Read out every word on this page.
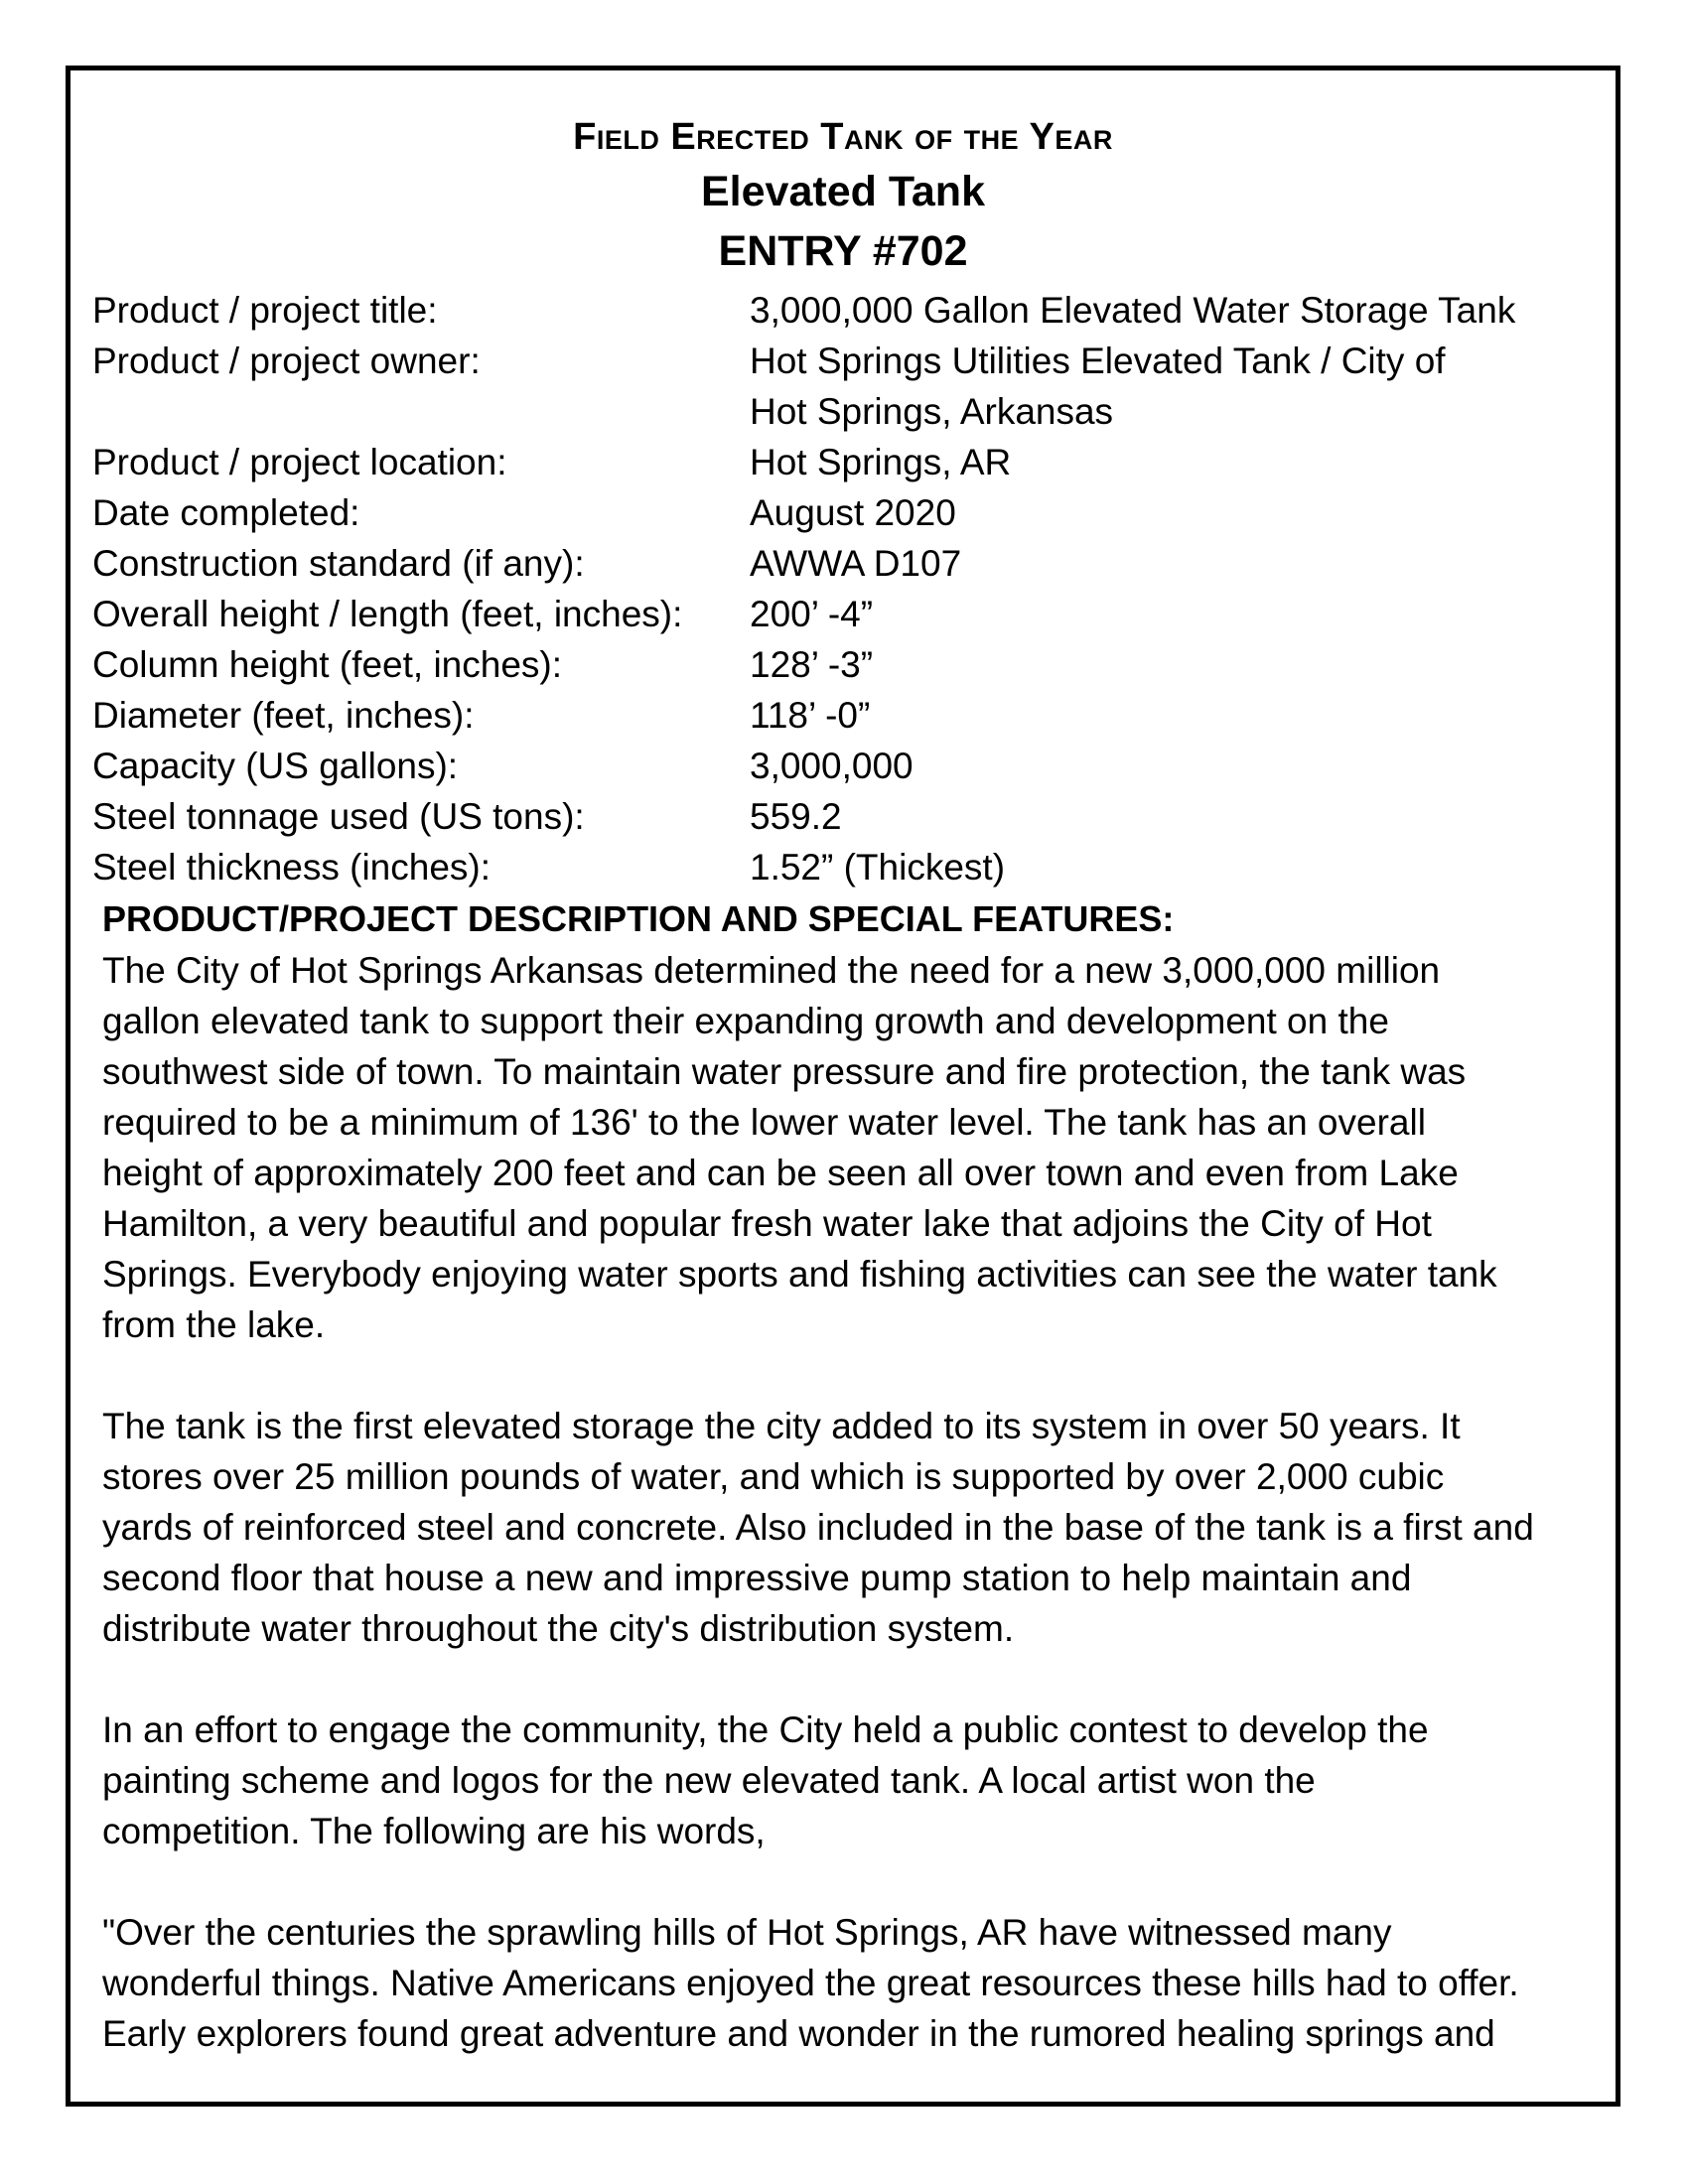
Field Erected Tank of the Year
Elevated Tank
ENTRY #702
Product / project title:	3,000,000 Gallon Elevated Water Storage Tank
Product / project owner:	Hot Springs Utilities Elevated Tank / City of
Hot Springs, Arkansas
Product / project location:	Hot Springs, AR
Date completed:	August 2020
Construction standard (if any):	AWWA D107
Overall height / length (feet, inches):	200’ -4”
Column height (feet, inches):	128’ -3”
Diameter (feet, inches):	118’ -0”
Capacity (US gallons):	3,000,000
Steel tonnage used (US tons):	559.2
Steel thickness (inches):	1.52” (Thickest)
PRODUCT/PROJECT DESCRIPTION AND SPECIAL FEATURES:

The City of Hot Springs Arkansas determined the need for a new 3,000,000 million
gallon elevated tank to support their expanding growth and development on the
southwest side of town. To maintain water pressure and fire protection, the tank was
required to be a minimum of 136' to the lower water level. The tank has an overall
height of approximately 200 feet and can be seen all over town and even from Lake
Hamilton, a very beautiful and popular fresh water lake that adjoins the City of Hot
Springs. Everybody enjoying water sports and fishing activities can see the water tank
from the lake.

The tank is the first elevated storage the city added to its system in over 50 years. It
stores over 25 million pounds of water, and which is supported by over 2,000 cubic
yards of reinforced steel and concrete. Also included in the base of the tank is a first and
second floor that house a new and impressive pump station to help maintain and
distribute water throughout the city's distribution system.

In an effort to engage the community, the City held a public contest to develop the
painting scheme and logos for the new elevated tank. A local artist won the
competition. The following are his words,

"Over the centuries the sprawling hills of Hot Springs, AR have witnessed many
wonderful things. Native Americans enjoyed the great resources these hills had to offer.
Early explorers found great adventure and wonder in the rumored healing springs and
